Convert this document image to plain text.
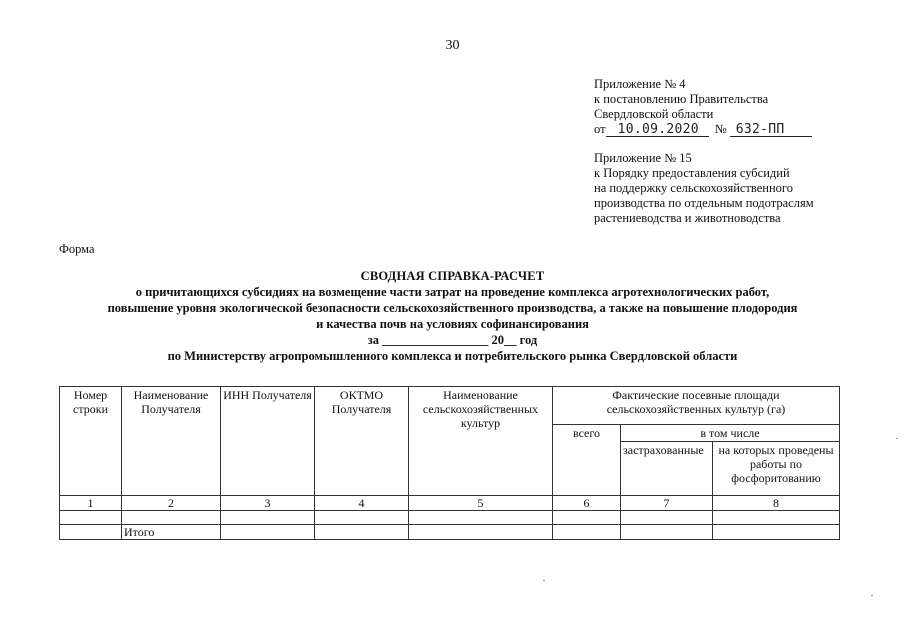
30
Приложение № 4
к постановлению Правительства
Свердловской области
от 10.09.2020 № 632-ПП
Приложение № 15
к Порядку предоставления субсидий
на поддержку сельскохозяйственного
производства по отдельным подотраслям
растениеводства и животноводства
Форма
СВОДНАЯ СПРАВКА-РАСЧЕТ
о причитающихся субсидиях на возмещение части затрат на проведение комплекса агротехнологических работ,
повышение уровня экологической безопасности сельскохозяйственного производства, а также на повышение плодородия
и качества почв на условиях софинансирования
за _________________ 20__ год
по Министерству агропромышленного комплекса и потребительского рынка Свердловской области
Номер строки	Наименование Получателя	ИНН Получателя	ОКТМО Получателя	Наименование сельскохозяйственных культур	Фактические посевные площади сельскохозяйственных культур (га)		
					всего	в том числе	
						застрахованные	на которых проведены работы по фосфоритованию
1	2	3	4	5	6	7	8

	Итого						
